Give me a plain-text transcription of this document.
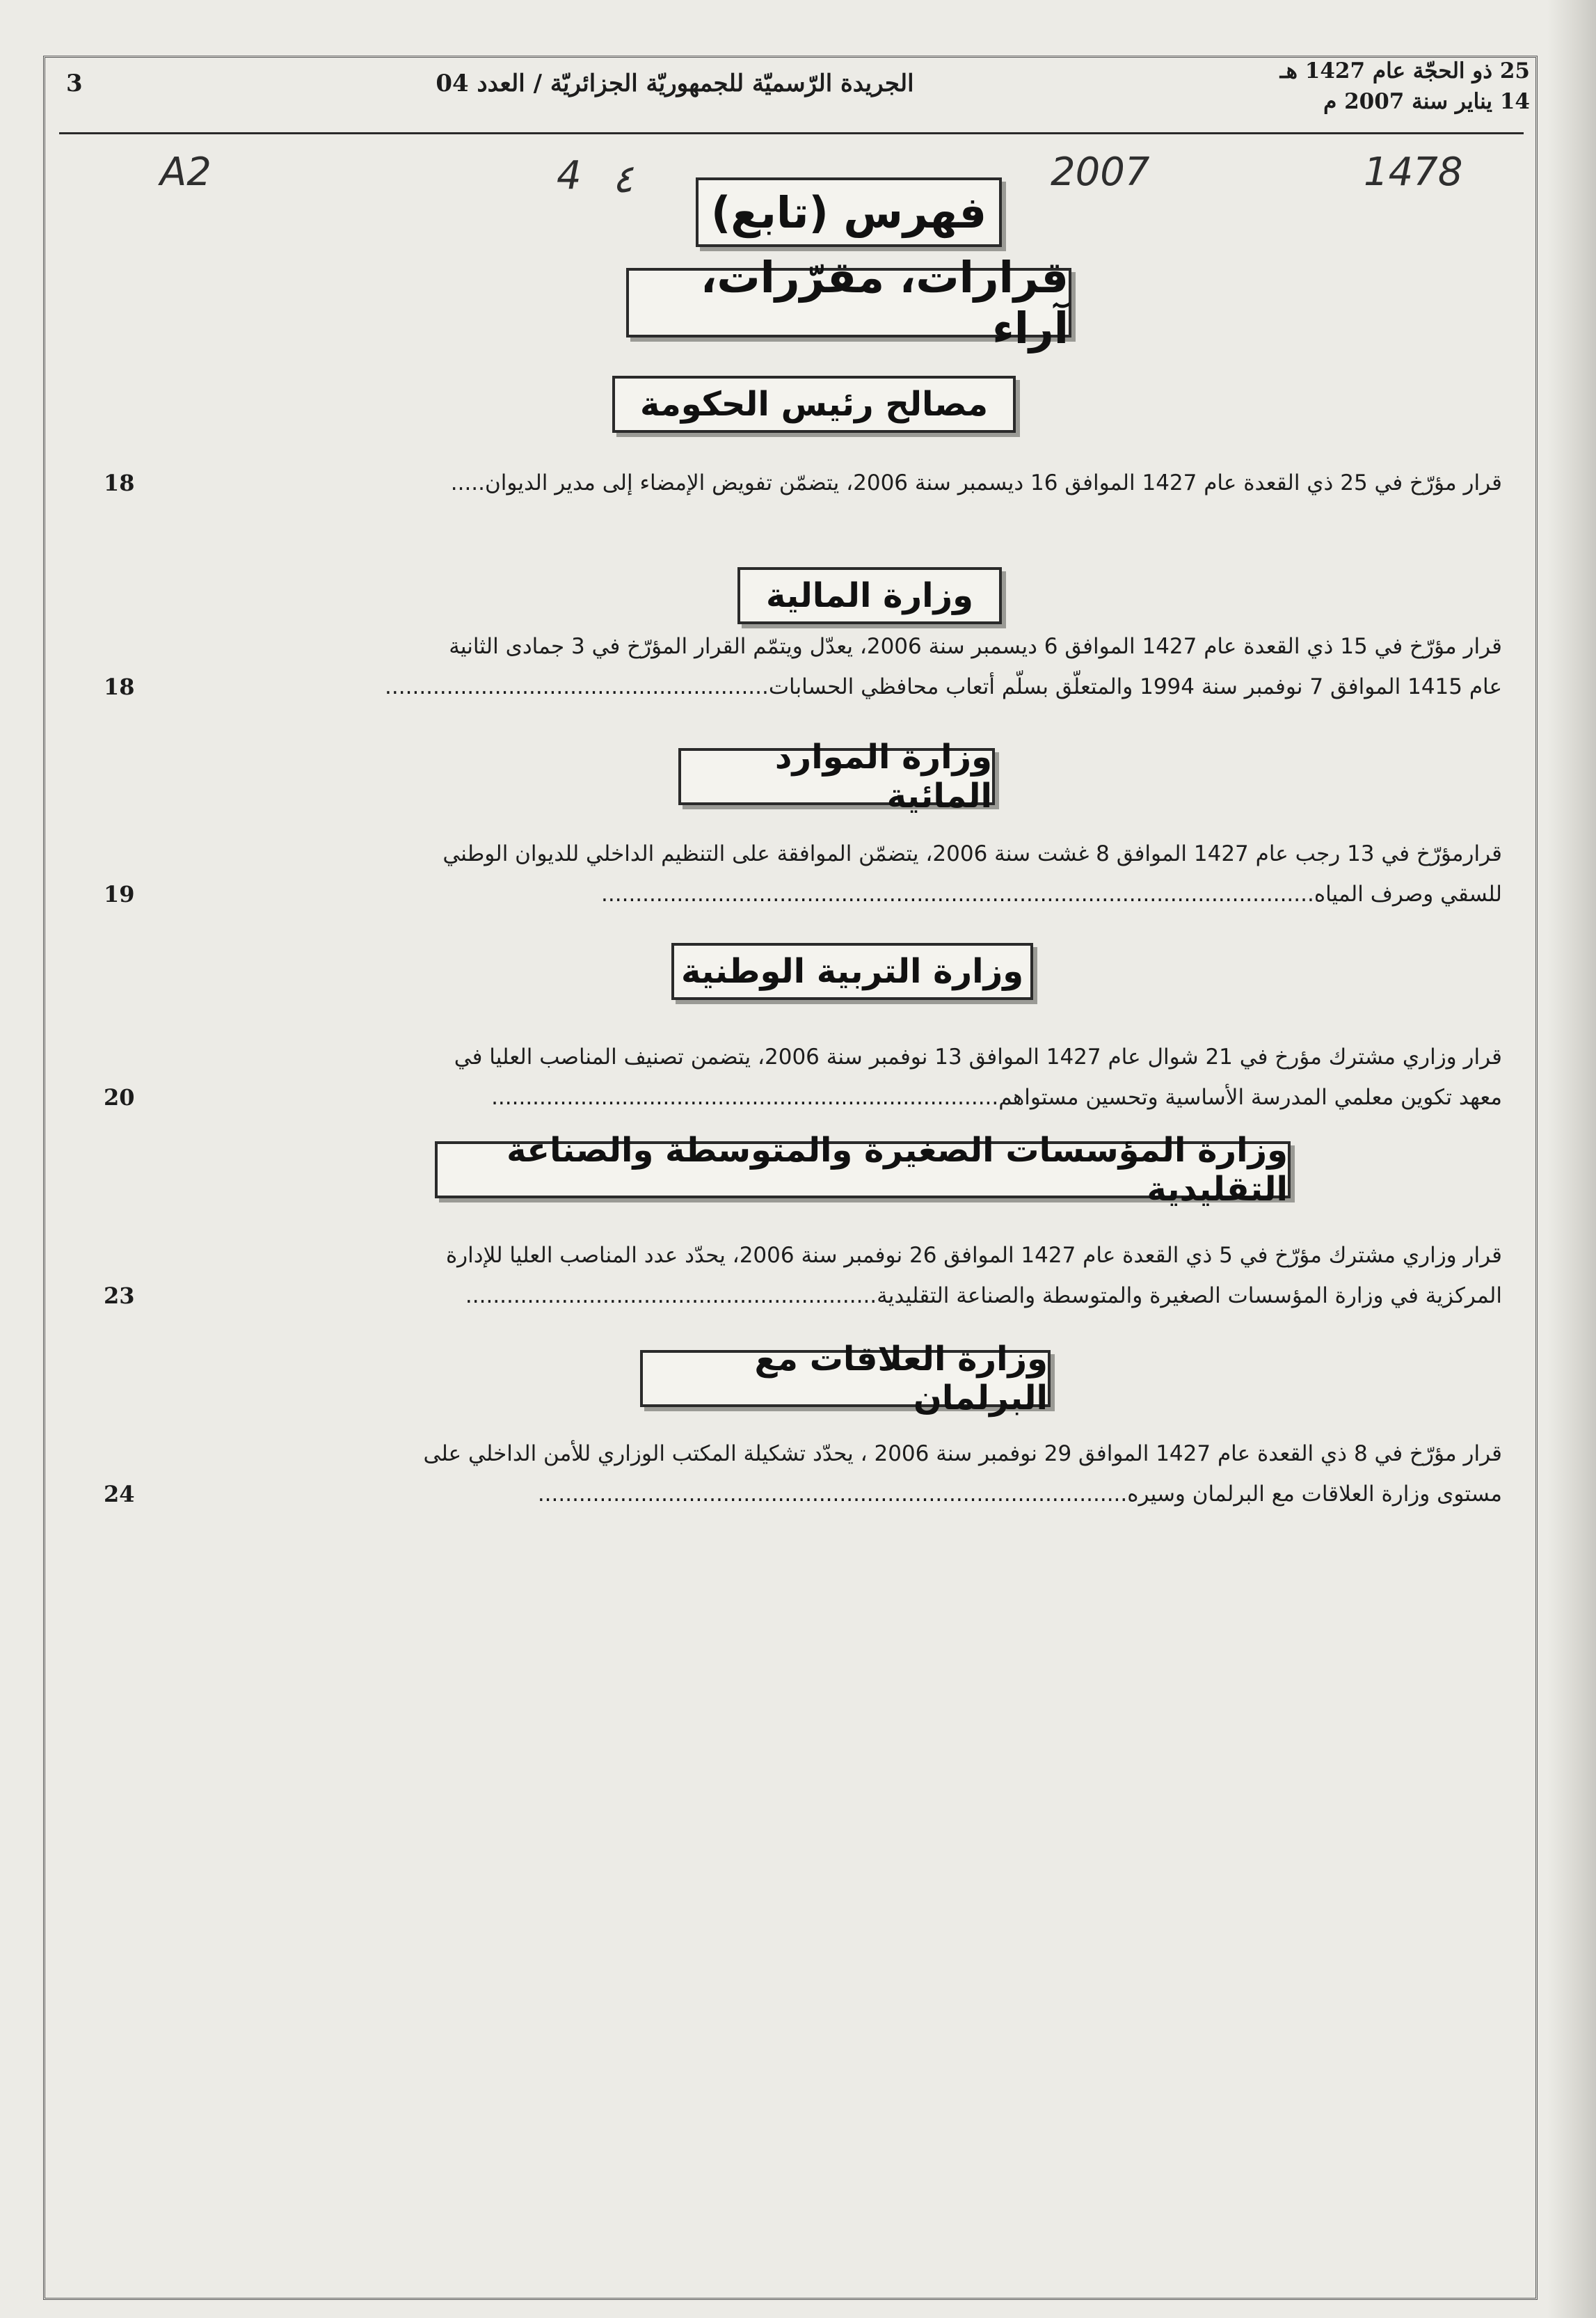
3	الجريدة الرّسميّة للجمهوريّة الجزائريّة / العدد 04	25 ذو الحجّة عام 1427 هـ
14 يناير سنة 2007 م
A2	4 ٤	2007	1478
فهرس (تابع)
قرارات، مقرّرات، آراء
مصالح رئيس الحكومة
قرار مؤرّخ في 25 ذي القعدة عام 1427 الموافق 16 ديسمبر سنة 2006، يتضمّن تفويض الإمضاء إلى مدير الديوان.....
18
وزارة المالية
قرار مؤرّخ في 15 ذي القعدة عام 1427 الموافق 6 ديسمبر سنة 2006، يعدّل ويتمّم القرار المؤرّخ في 3 جمادى الثانية
عام 1415 الموافق 7 نوفمبر سنة 1994 والمتعلّق بسلّم أتعاب محافظي الحسابات........................................................
18
وزارة الموارد المائية
قرارمؤرّخ في 13 رجب عام 1427 الموافق 8 غشت سنة 2006، يتضمّن الموافقة على التنظيم الداخلي للديوان الوطني
للسقي وصرف المياه........................................................................................................
19
وزارة التربية الوطنية
قرار وزاري مشترك مؤرخ في 21 شوال عام 1427 الموافق 13 نوفمبر سنة 2006، يتضمن تصنيف المناصب العليا في
معهد تكوين معلمي المدرسة الأساسية وتحسين مستواهم..........................................................................
20
وزارة المؤسسات الصغيرة والمتوسطة والصناعة التقليدية
قرار وزاري مشترك مؤرّخ في 5 ذي القعدة عام 1427 الموافق 26 نوفمبر سنة 2006، يحدّد عدد المناصب العليا للإدارة
المركزية في وزارة المؤسسات الصغيرة والمتوسطة والصناعة التقليدية............................................................
23
وزارة العلاقات مع البرلمان
قرار مؤرّخ في 8 ذي القعدة عام 1427 الموافق 29 نوفمبر سنة 2006 ، يحدّد تشكيلة المكتب الوزاري للأمن الداخلي على
مستوى وزارة العلاقات مع البرلمان وسيره......................................................................................
24
